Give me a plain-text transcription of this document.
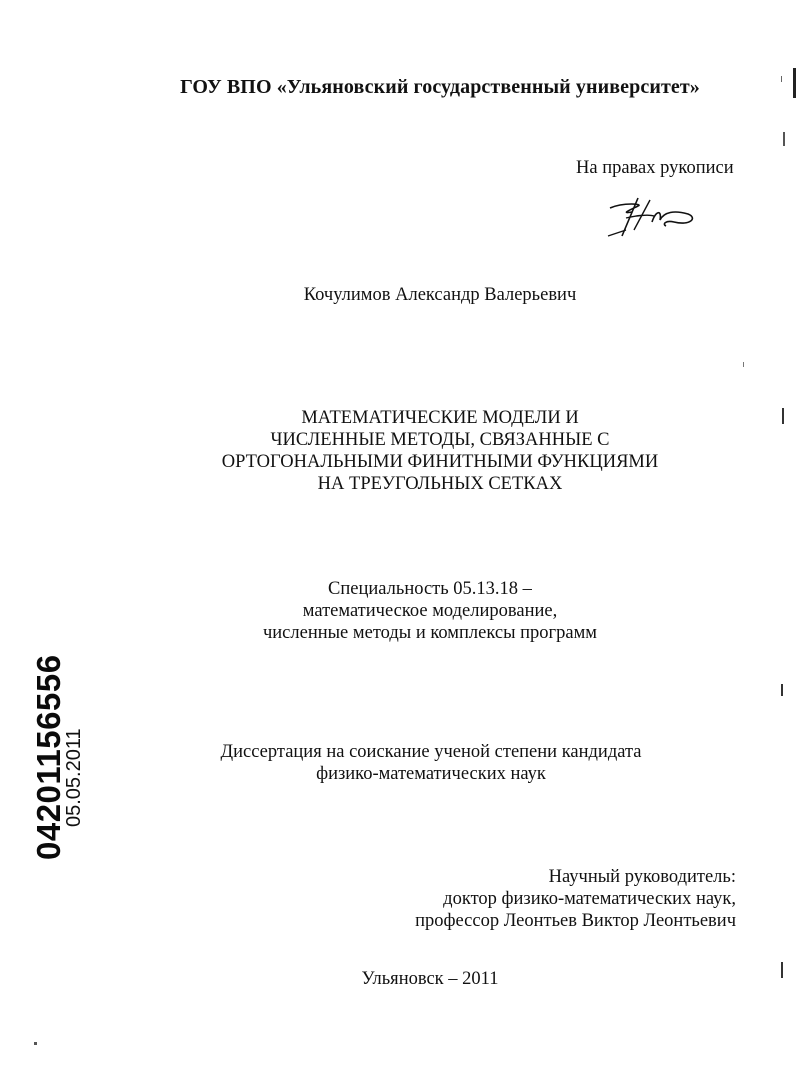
ГОУ ВПО «Ульяновский государственный университет»
На правах рукописи
Кочулимов Александр Валерьевич
МАТЕМАТИЧЕСКИЕ МОДЕЛИ И
ЧИСЛЕННЫЕ МЕТОДЫ, СВЯЗАННЫЕ С
ОРТОГОНАЛЬНЫМИ ФИНИТНЫМИ ФУНКЦИЯМИ
НА ТРЕУГОЛЬНЫХ СЕТКАХ
Специальность 05.13.18 –
математическое моделирование,
численные методы и комплексы программ
Диссертация на соискание ученой степени кандидата
физико-математических наук
Научный руководитель:
доктор физико-математических наук,
профессор Леонтьев Виктор Леонтьевич
Ульяновск – 2011
04201156556
05.05.2011
